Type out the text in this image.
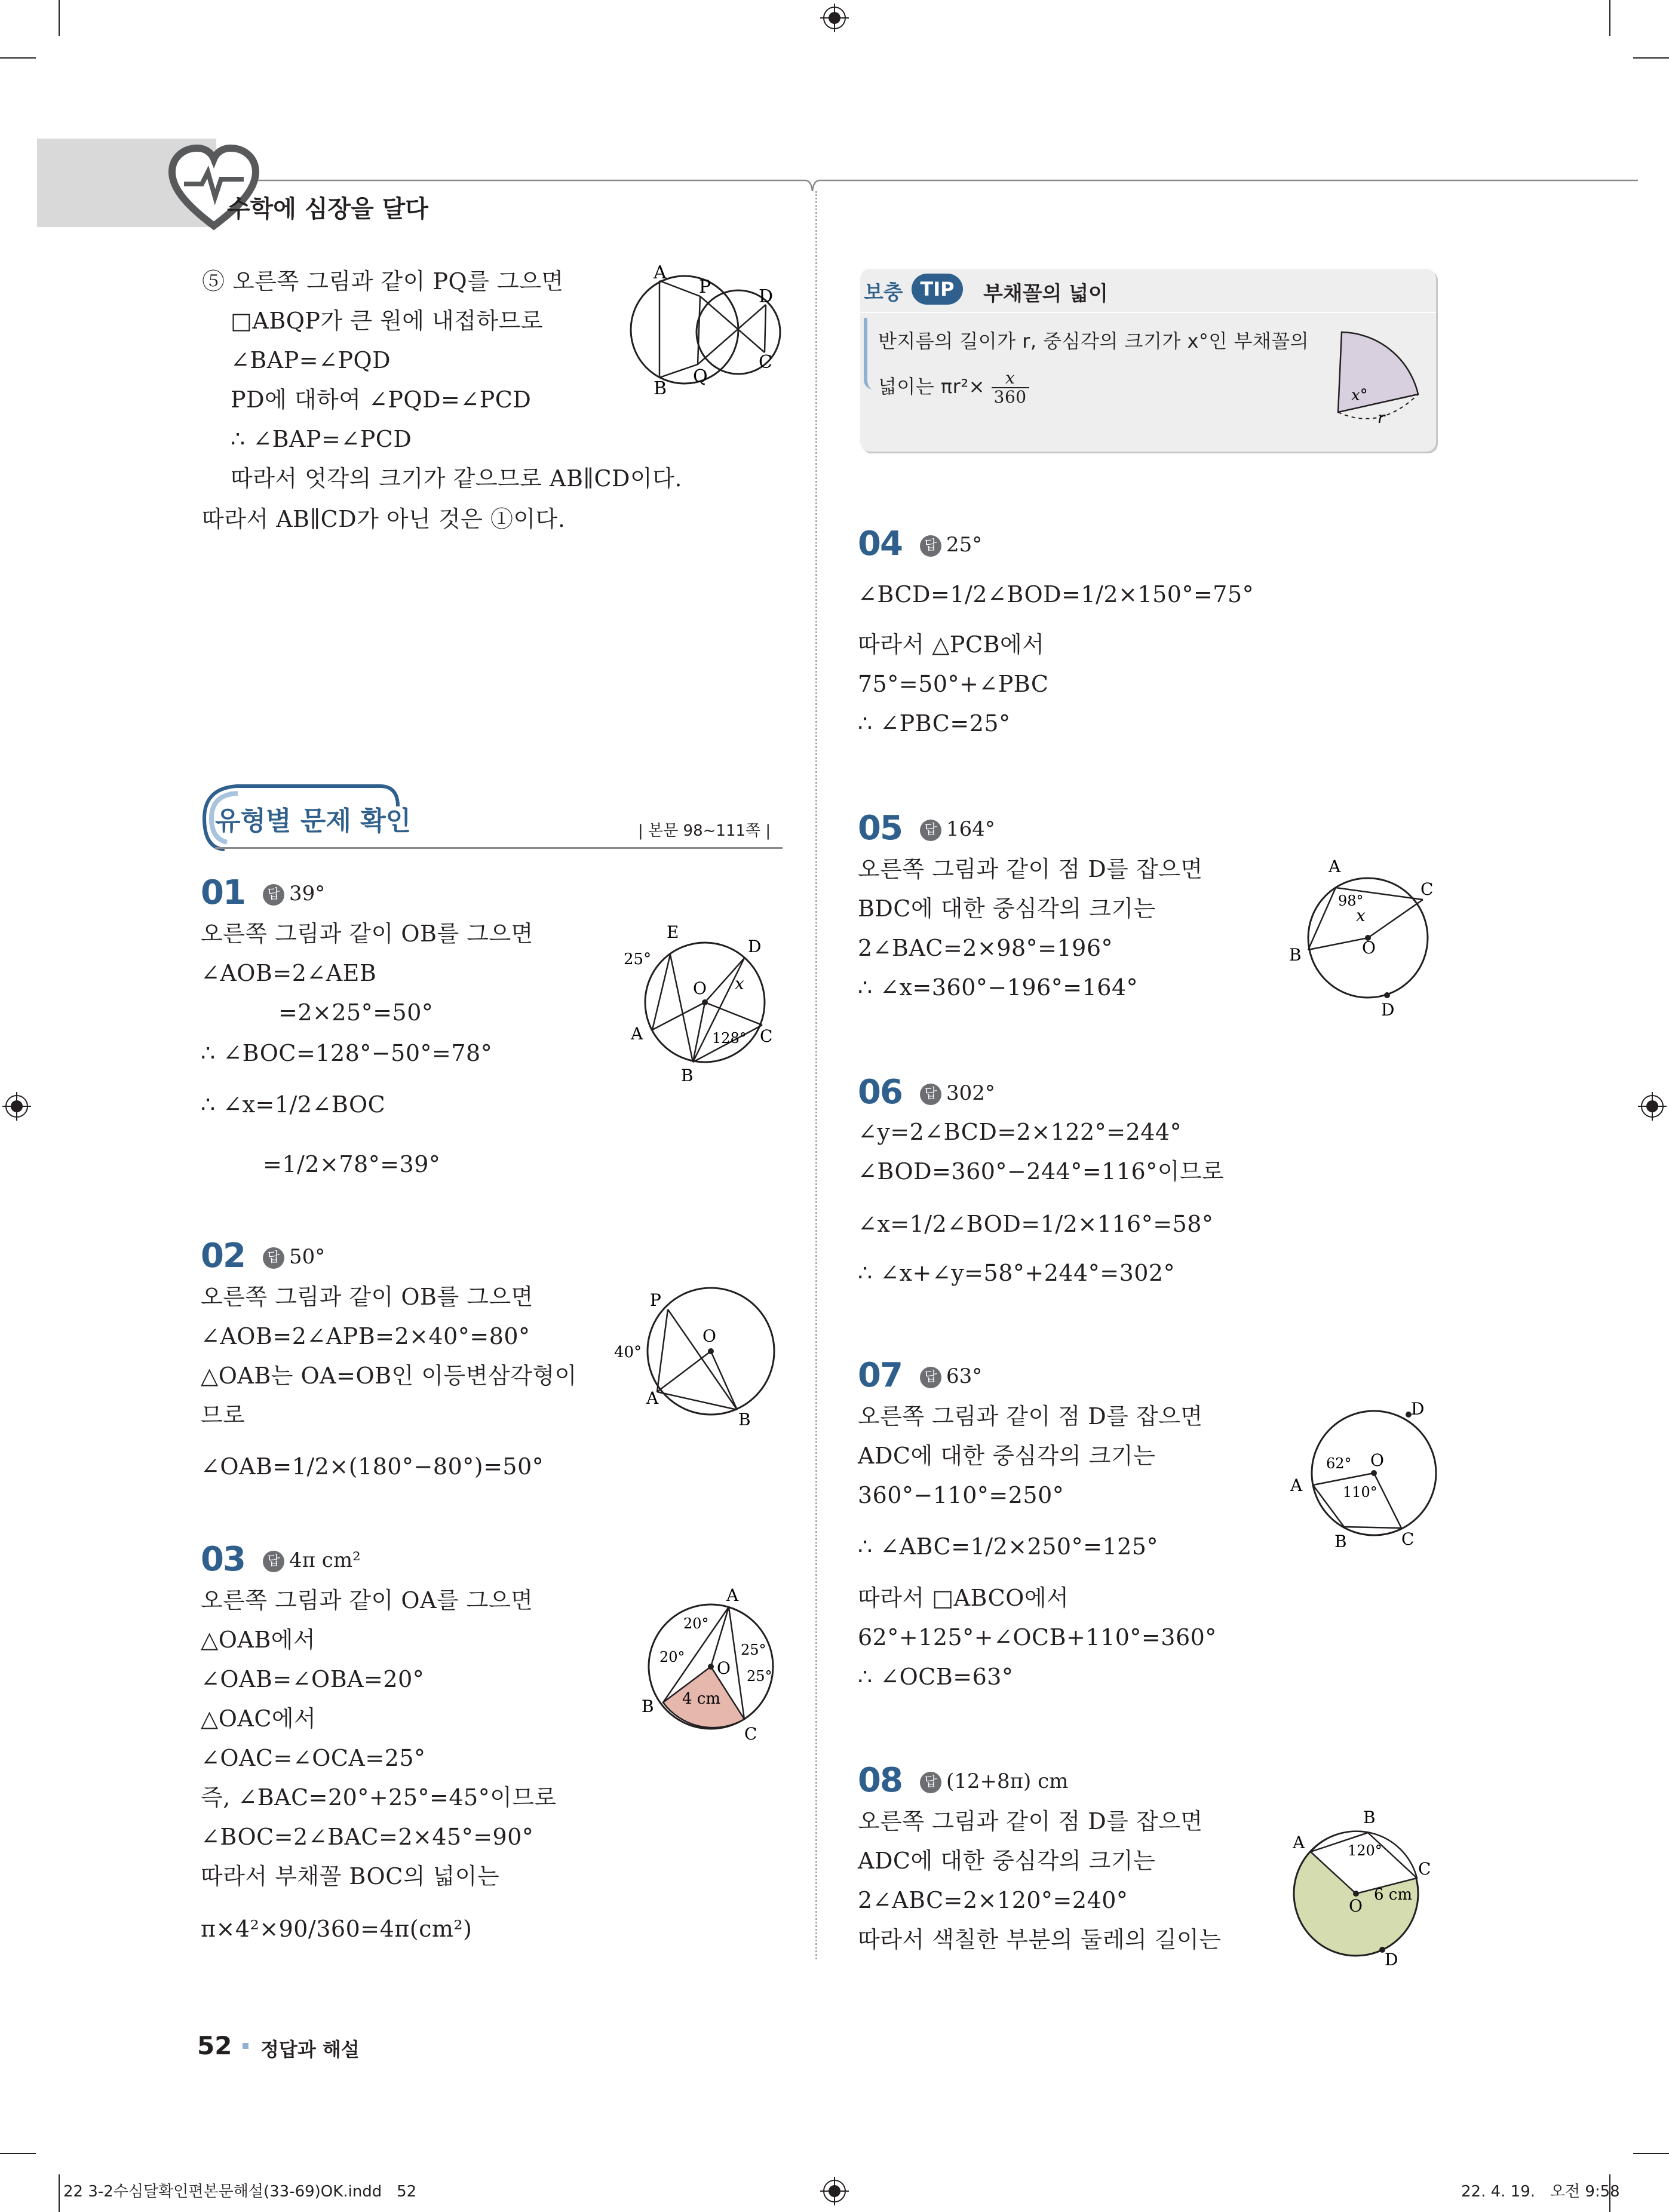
수학에 심장을 달다
⑤ 오른쪽 그림과 같이 PQ를 그으면
□ABQP가 큰 원에 내접하므로
∠BAP=∠PQD
PD에 대하여 ∠PQD=∠PCD
∴ ∠BAP=∠PCD
따라서 엇각의 크기가 같으므로 AB∥CD이다.
따라서 AB∥CD가 아닌 것은 ①이다.
A
P	D
B
Q
C
유형별 문제 확인	| 본문 98~111쪽 |
01	답 39°
오른쪽 그림과 같이 OB를 그으면
∠AOB=2∠AEB
=2×25°=50°
∴ ∠BOC=128°−50°=78°
∴ ∠x=1/2∠BOC
=1/2×78°=39°
E
D
25°
O x
A	128° C
B
02	답 50°
오른쪽 그림과 같이 OB를 그으면
∠AOB=2∠APB=2×40°=80°
△OAB는 OA=OB인 이등변삼각형이
므로
∠OAB=1/2×(180°−80°)=50°
P
O
40°
A
B
03	답 4π cm²
오른쪽 그림과 같이 OA를 그으면
△OAB에서
∠OAB=∠OBA=20°
△OAC에서
∠OAC=∠OCA=25°
즉, ∠BAC=20°+25°=45°이므로
∠BOC=2∠BAC=2×45°=90°
따라서 부채꼴 BOC의 넓이는
π×4²×90/360=4π(cm²)
A
20°
20°	25°
O 25°
B 4 cm
C
보충 TIP	부채꼴의 넓이
반지름의 길이가 r, 중심각의 크기가 x°인 부채꼴의
넓이는 $\pi r^2\times \frac{x}{360}$	x°
r
04	답 25°
∠BCD=1/2∠BOD=1/2×150°=75°
따라서 △PCB에서
75°=50°+∠PBC
∴ ∠PBC=25°
05	답 164°
오른쪽 그림과 같이 점 D를 잡으면
BDC에 대한 중심각의 크기는
2∠BAC=2×98°=196°
∴ ∠x=360°−196°=164°
A
C
98°
x
O
B
D
06	답 302°
∠y=2∠BCD=2×122°=244°
∠BOD=360°−244°=116°이므로
∠x=1/2∠BOD=1/2×116°=58°
∴ ∠x+∠y=58°+244°=302°
07	답 63°
오른쪽 그림과 같이 점 D를 잡으면
ADC에 대한 중심각의 크기는
360°−110°=250°
∴ ∠ABC=1/2×250°=125°
따라서 □ABCO에서
62°+125°+∠OCB+110°=360°
∴ ∠OCB=63°
D
62° O
A	110°
B	C
08	답 (12+8π) cm
오른쪽 그림과 같이 점 D를 잡으면
ADC에 대한 중심각의 크기는
2∠ABC=2×120°=240°
따라서 색칠한 부분의 둘레의 길이는
B
A	120°
C
6 cm
O
D
52 정답과 해설
22 3-2수심달확인편본문해설(33-69)OK.indd   52	22. 4. 19.   오전 9:58
